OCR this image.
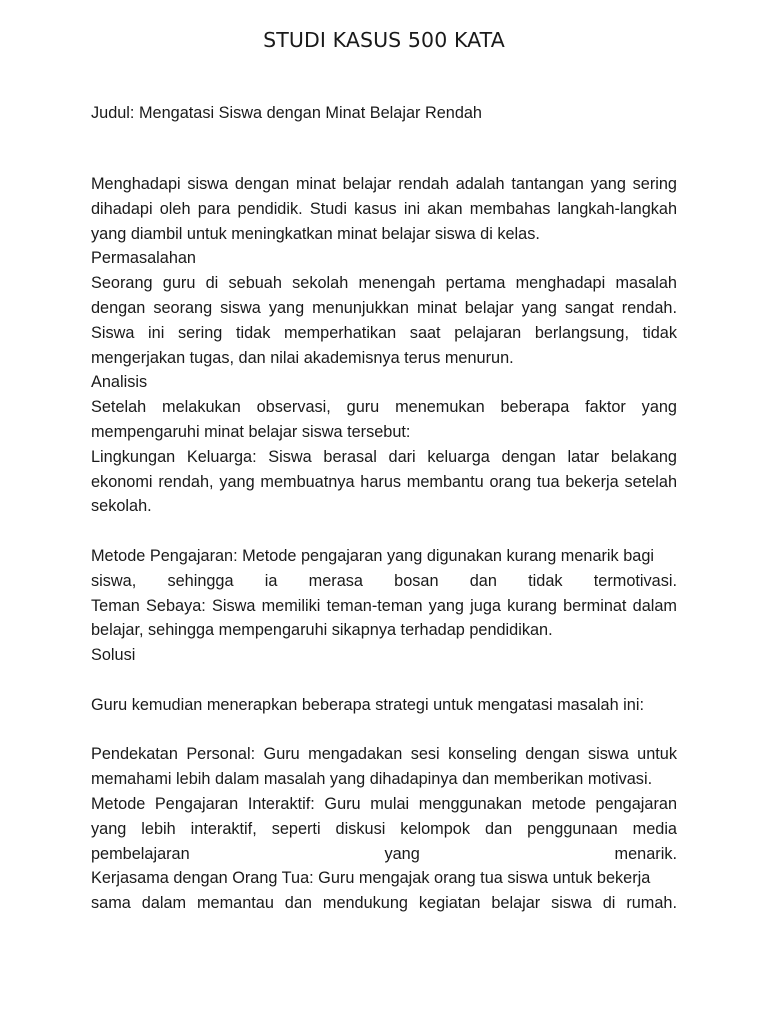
STUDI KASUS 500 KATA

Judul: Mengatasi Siswa dengan Minat Belajar Rendah

Menghadapi siswa dengan minat belajar rendah adalah tantangan yang sering dihadapi oleh para pendidik. Studi kasus ini akan membahas langkah-langkah yang diambil untuk meningkatkan minat belajar siswa di kelas.

Permasalahan

Seorang guru di sebuah sekolah menengah pertama menghadapi masalah dengan seorang siswa yang menunjukkan minat belajar yang sangat rendah. Siswa ini sering tidak memperhatikan saat pelajaran berlangsung, tidak mengerjakan tugas, dan nilai akademisnya terus menurun.

Analisis

Setelah melakukan observasi, guru menemukan beberapa faktor yang mempengaruhi minat belajar siswa tersebut:

Lingkungan Keluarga: Siswa berasal dari keluarga dengan latar belakang ekonomi rendah, yang membuatnya harus membantu orang tua bekerja setelah sekolah.

Metode Pengajaran: Metode pengajaran yang digunakan kurang menarik bagi

siswa, sehingga ia merasa bosan dan tidak termotivasi.

Teman Sebaya: Siswa memiliki teman-teman yang juga kurang berminat dalam belajar, sehingga mempengaruhi sikapnya terhadap pendidikan.

Solusi

Guru kemudian menerapkan beberapa strategi untuk mengatasi masalah ini:

Pendekatan Personal: Guru mengadakan sesi konseling dengan siswa untuk memahami lebih dalam masalah yang dihadapinya dan memberikan motivasi.

Metode Pengajaran Interaktif: Guru mulai menggunakan metode pengajaran yang lebih interaktif, seperti diskusi kelompok dan penggunaan media

pembelajaran yang menarik.

Kerjasama dengan Orang Tua: Guru mengajak orang tua siswa untuk bekerja

sama dalam memantau dan mendukung kegiatan belajar siswa di rumah.
